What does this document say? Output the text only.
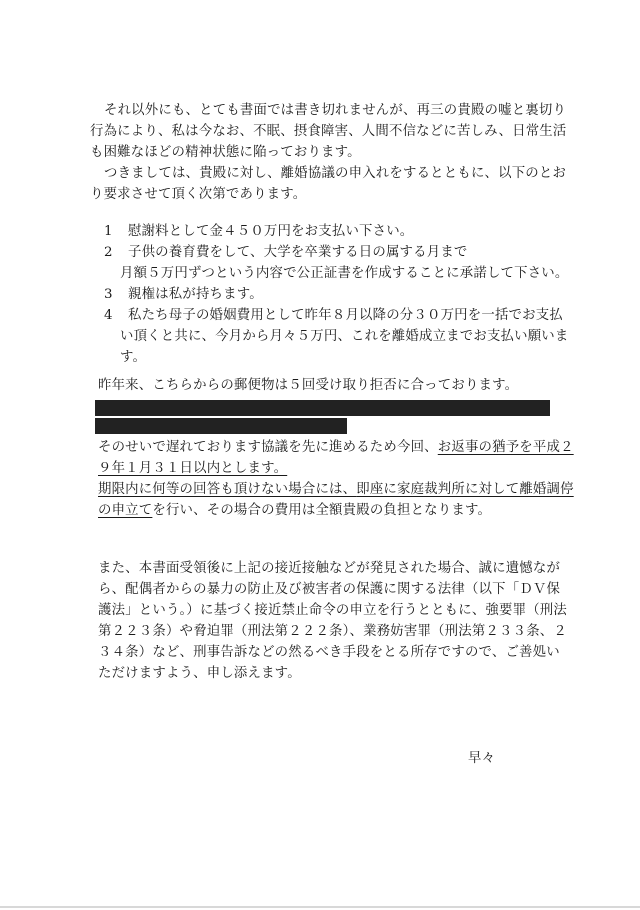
それ以外にも、とても書面では書き切れませんが、再三の貴殿の嘘と裏切り
行為により、私は今なお、不眠、摂食障害、人間不信などに苦しみ、日常生活
も困難なほどの精神状態に陥っております。
つきましては、貴殿に対し、離婚協議の申入れをするとともに、以下のとお
り要求させて頂く次第であります。
1 慰謝料として金４５０万円をお支払い下さい。
2 子供の養育費をして、大学を卒業する日の属する月まで
月額５万円ずつという内容で公正証書を作成することに承諾して下さい。
3 親権は私が持ちます。
4 私たち母子の婚姻費用として昨年８月以降の分３０万円を一括でお支払
い頂くと共に、今月から月々５万円、これを離婚成立までお支払い願いま
す。
昨年来、こちらからの郵便物は５回受け取り拒否に合っております。
そのせいで遅れております協議を先に進めるため今回、お返事の猶予を平成２
９年１月３１日以内とします。
期限内に何等の回答も頂けない場合には、即座に家庭裁判所に対して離婚調停
の申立てを行い、その場合の費用は全額貴殿の負担となります。
また、本書面受領後に上記の接近接触などが発見された場合、誠に遺憾なが
ら、配偶者からの暴力の防止及び被害者の保護に関する法律（以下「ＤＶ保
護法」という。）に基づく接近禁止命令の申立を行うとともに、強要罪（刑法
第２２３条）や脅迫罪（刑法第２２２条）、業務妨害罪（刑法第２３３条、２
３４条）など、刑事告訴などの然るべき手段をとる所存ですので、ご善処い
ただけますよう、申し添えます。
早々
